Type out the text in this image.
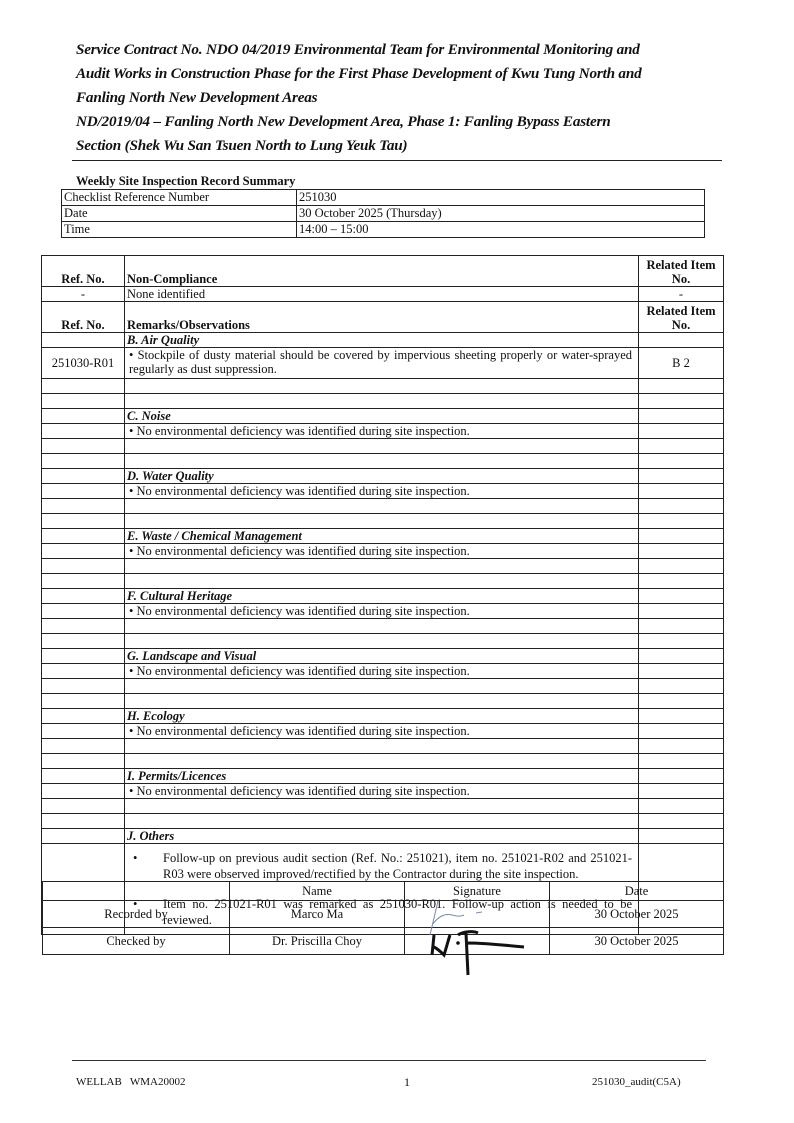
Service Contract No. NDO 04/2019 Environmental Team for Environmental Monitoring and
Audit Works in Construction Phase for the First Phase Development of Kwu Tung North and
Fanling North New Development Areas
ND/2019/04 – Fanling North New Development Area, Phase 1: Fanling Bypass Eastern
Section (Shek Wu San Tsuen North to Lung Yeuk Tau)
Weekly Site Inspection Record Summary
Checklist Reference Number	251030
Date	30 October 2025 (Thursday)
Time	14:00 – 15:00
Ref. No.	Non-Compliance	Related Item No.
-	None identified	-
Ref. No.	Remarks/Observations	Related Item No.
	B. Air Quality	
251030-R01	• Stockpile of dusty material should be covered by impervious sheeting properly or water-sprayed regularly as dust suppression.	B 2

	C. Noise	
	• No environmental deficiency was identified during site inspection.	

	D. Water Quality	
	• No environmental deficiency was identified during site inspection.	

	E. Waste / Chemical Management	
	• No environmental deficiency was identified during site inspection.	

	F. Cultural Heritage	
	• No environmental deficiency was identified during site inspection.	

	G. Landscape and Visual	
	• No environmental deficiency was identified during site inspection.	

	H. Ecology	
	• No environmental deficiency was identified during site inspection.	

	I. Permits/Licences	
	• No environmental deficiency was identified during site inspection.	

	J. Others	

• Follow-up on previous audit section (Ref. No.: 251021), item no. 251021-R02 and 251021-R03 were observed improved/rectified by the Contractor during the site inspection.
• Item no. 251021-R01 was remarked as 251030-R01. Follow-up action is needed to be reviewed.

	Name	Signature	Date
Recorded by	Marco Ma		30 October 2025
Checked by	Dr. Priscilla Choy		30 October 2025
WELLAB   WMA20002	1	251030_audit(C5A)
